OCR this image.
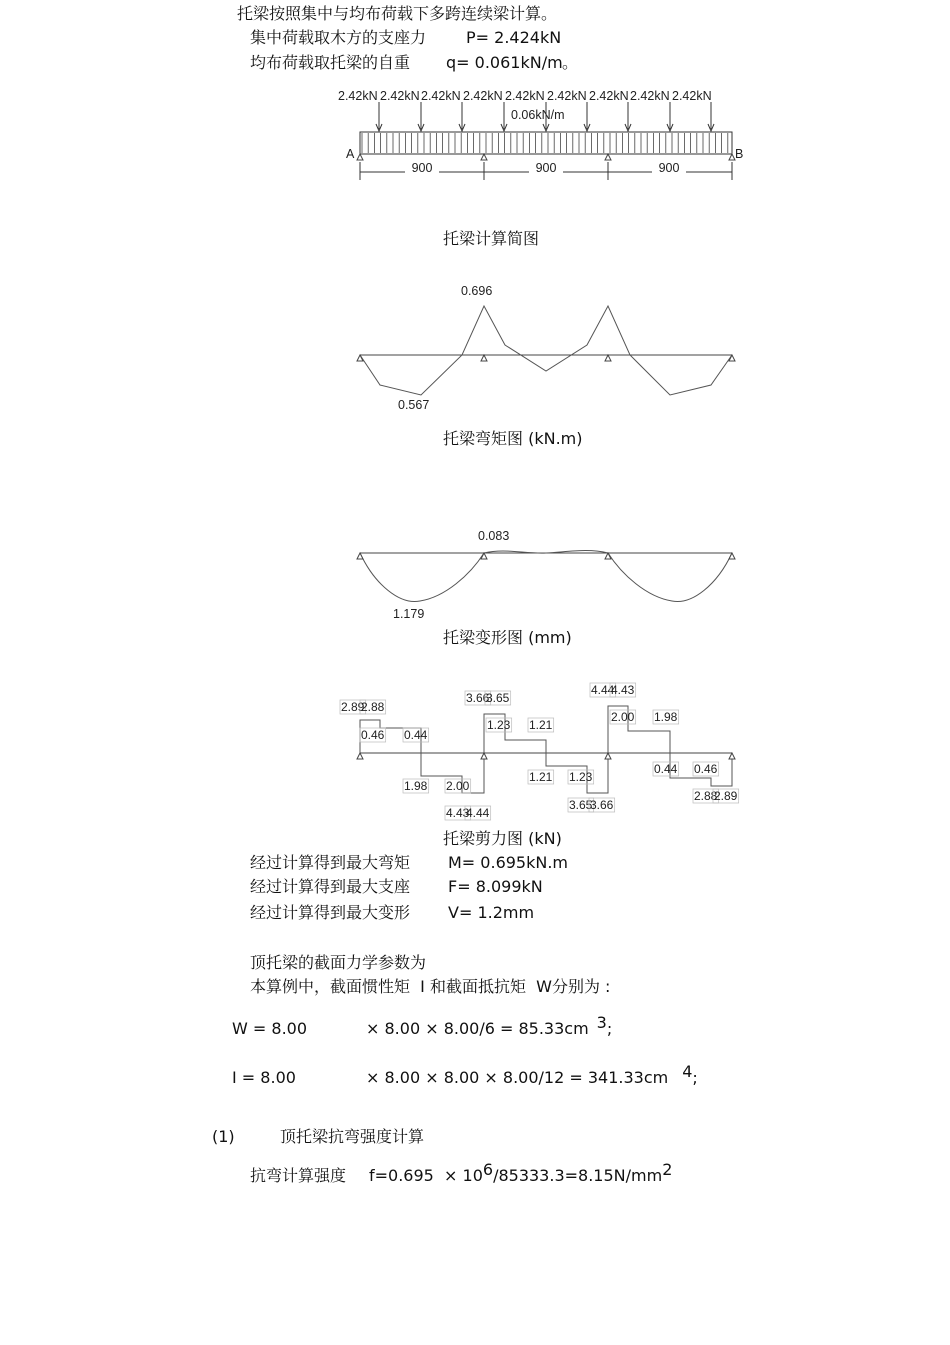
托梁按照集中与均布荷载下多跨连续梁计算。
集中荷载取木方的支座力 P= 2.424kN
均布荷载取托梁的自重 q= 0.061kN/m 。
0.06kN/m
2.42kN 2.42kN 2.42kN 2.42kN 2.42kN 2.42kN 2.42kN 2.42kN 2.42kN
A	B
900	900	900
0.696
0.567
0.083
1.179
2.89
2.88
0.46 0.44
1.98 2.00
4.43
4.44
3.66
3.65
1.23 1.21
1.21 1.23
3.65
3.66
4.44
4.43
2.00 1.98
0.44 0.46
2.88
2.89
托梁计算简图
托梁弯矩图 (kN.m)
托梁变形图 (mm)
托梁剪力图 (kN)
经过计算得到最大弯矩 M= 0.695kN.m
经过计算得到最大支座 F= 8.099kN
经过计算得到最大变形 V= 1.2mm
顶托梁的截面力学参数为
本算例中，截面惯性矩  I 和截面抵抗矩  W分别为 :
W = 8.00	× 8.00 × 8.00/6 = 85.33cm 3;
I = 8.00	× 8.00 × 8.00 × 8.00/12 = 341.33cm 4;
(1)	顶托梁抗弯强度计算
抗弯计算强度 f=0.695  × 106/85333.3=8.15N/mm2
